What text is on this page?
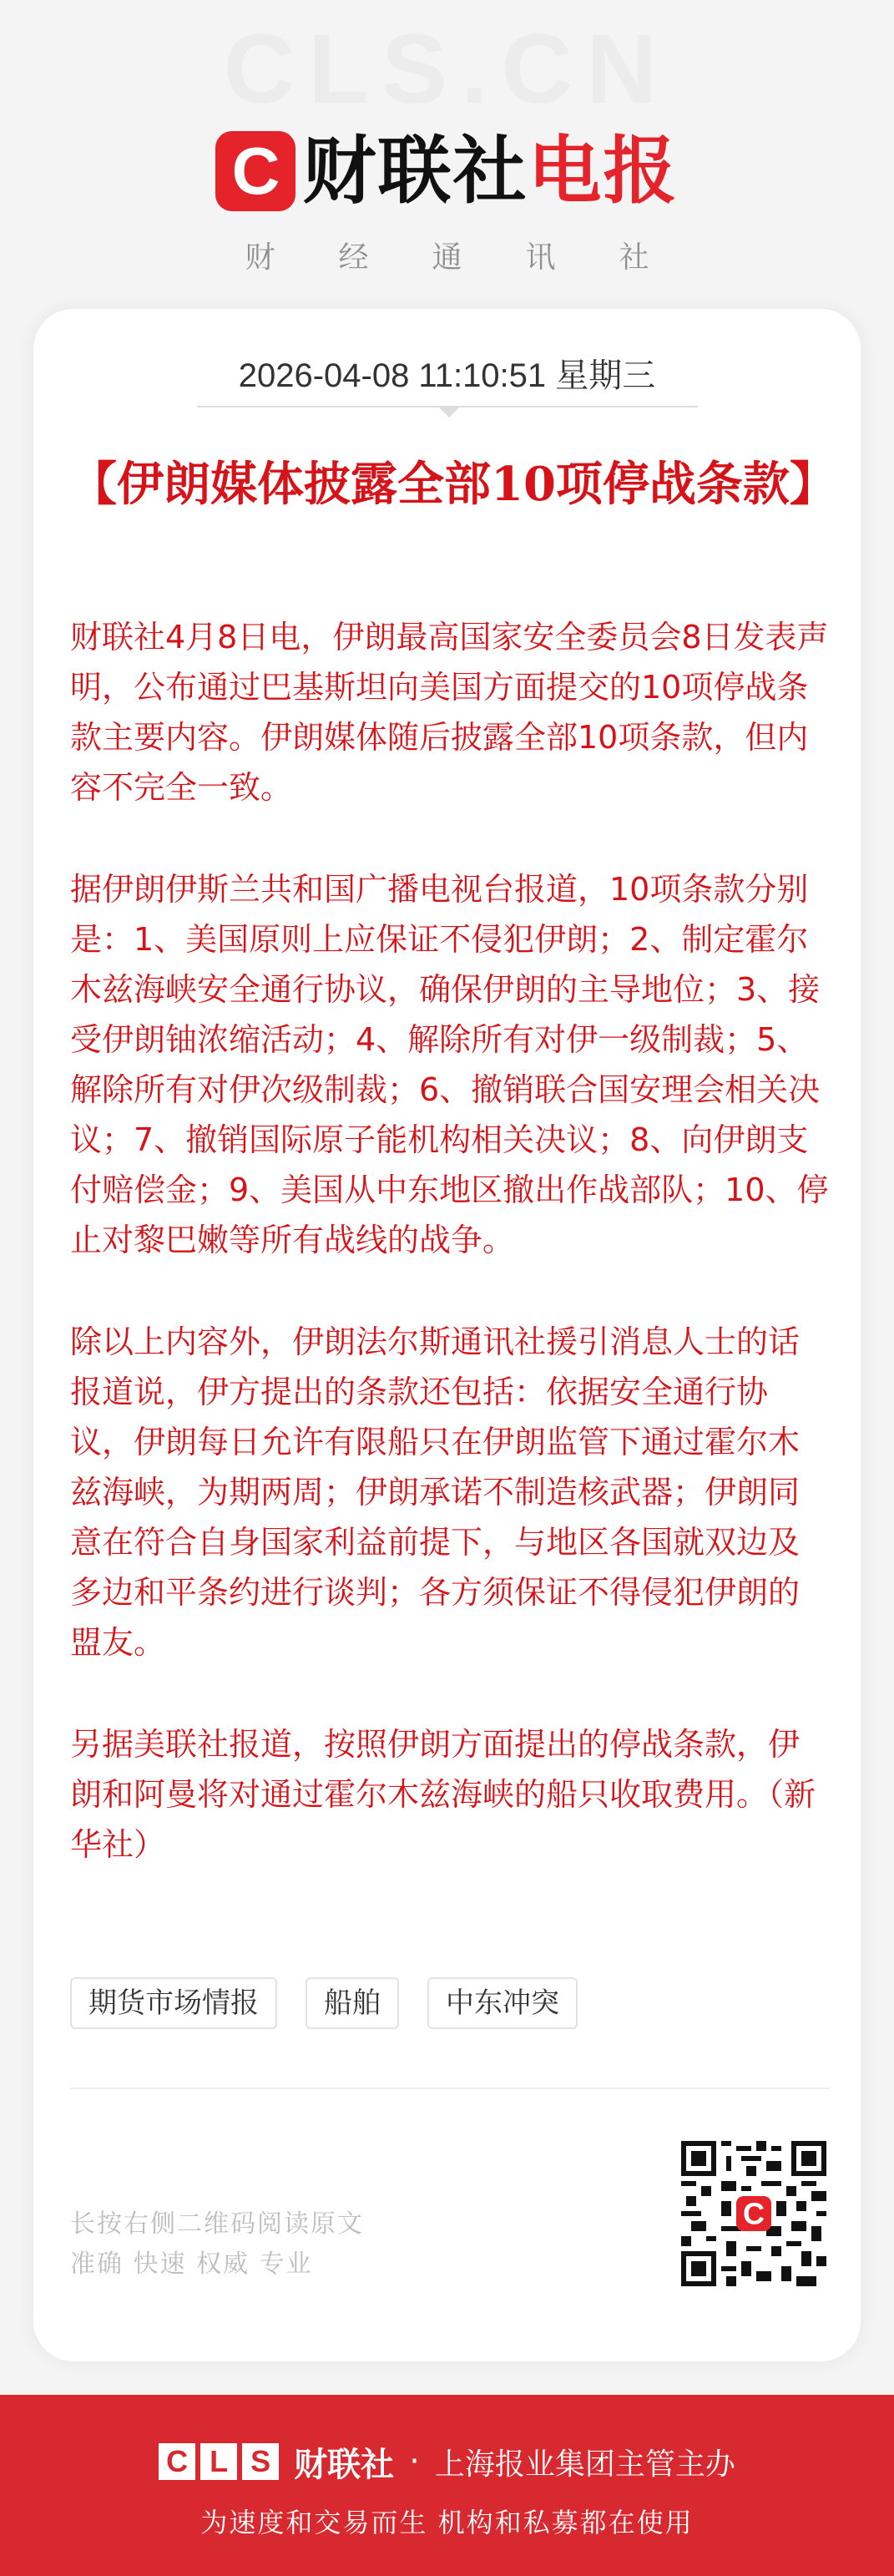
CLS.CN
C 财联社电报
财经通讯社
2026-04-08 11:10:51 星期三
【伊朗媒体披露全部10项停战条款】

财联社4月8日电，伊朗最高国家安全委员会8日发表声明，公布通过巴基斯坦向美国方面提交的10项停战条款主要内容。伊朗媒体随后披露全部10项条款，但内容不完全一致。

据伊朗伊斯兰共和国广播电视台报道，10项条款分别是：1、美国原则上应保证不侵犯伊朗；2、制定霍尔木兹海峡安全通行协议，确保伊朗的主导地位；3、接受伊朗铀浓缩活动；4、解除所有对伊一级制裁；5、解除所有对伊次级制裁；6、撤销联合国安理会相关决议；7、撤销国际原子能机构相关决议；8、向伊朗支付赔偿金；9、美国从中东地区撤出作战部队；10、停止对黎巴嫩等所有战线的战争。

除以上内容外，伊朗法尔斯通讯社援引消息人士的话报道说，伊方提出的条款还包括：依据安全通行协议，伊朗每日允许有限船只在伊朗监管下通过霍尔木兹海峡，为期两周；伊朗承诺不制造核武器；伊朗同意在符合自身国家利益前提下，与地区各国就双边及多边和平条约进行谈判；各方须保证不得侵犯伊朗的盟友。

另据美联社报道，按照伊朗方面提出的停战条款，伊朗和阿曼将对通过霍尔木兹海峡的船只收取费用。（新华社）

期货市场情报	船舶	中东冲突
长按右侧二维码阅读原文
准确 快速 权威 专业
C
C L S 财联社 · 上海报业集团主管主办
为速度和交易而生 机构和私募都在使用
